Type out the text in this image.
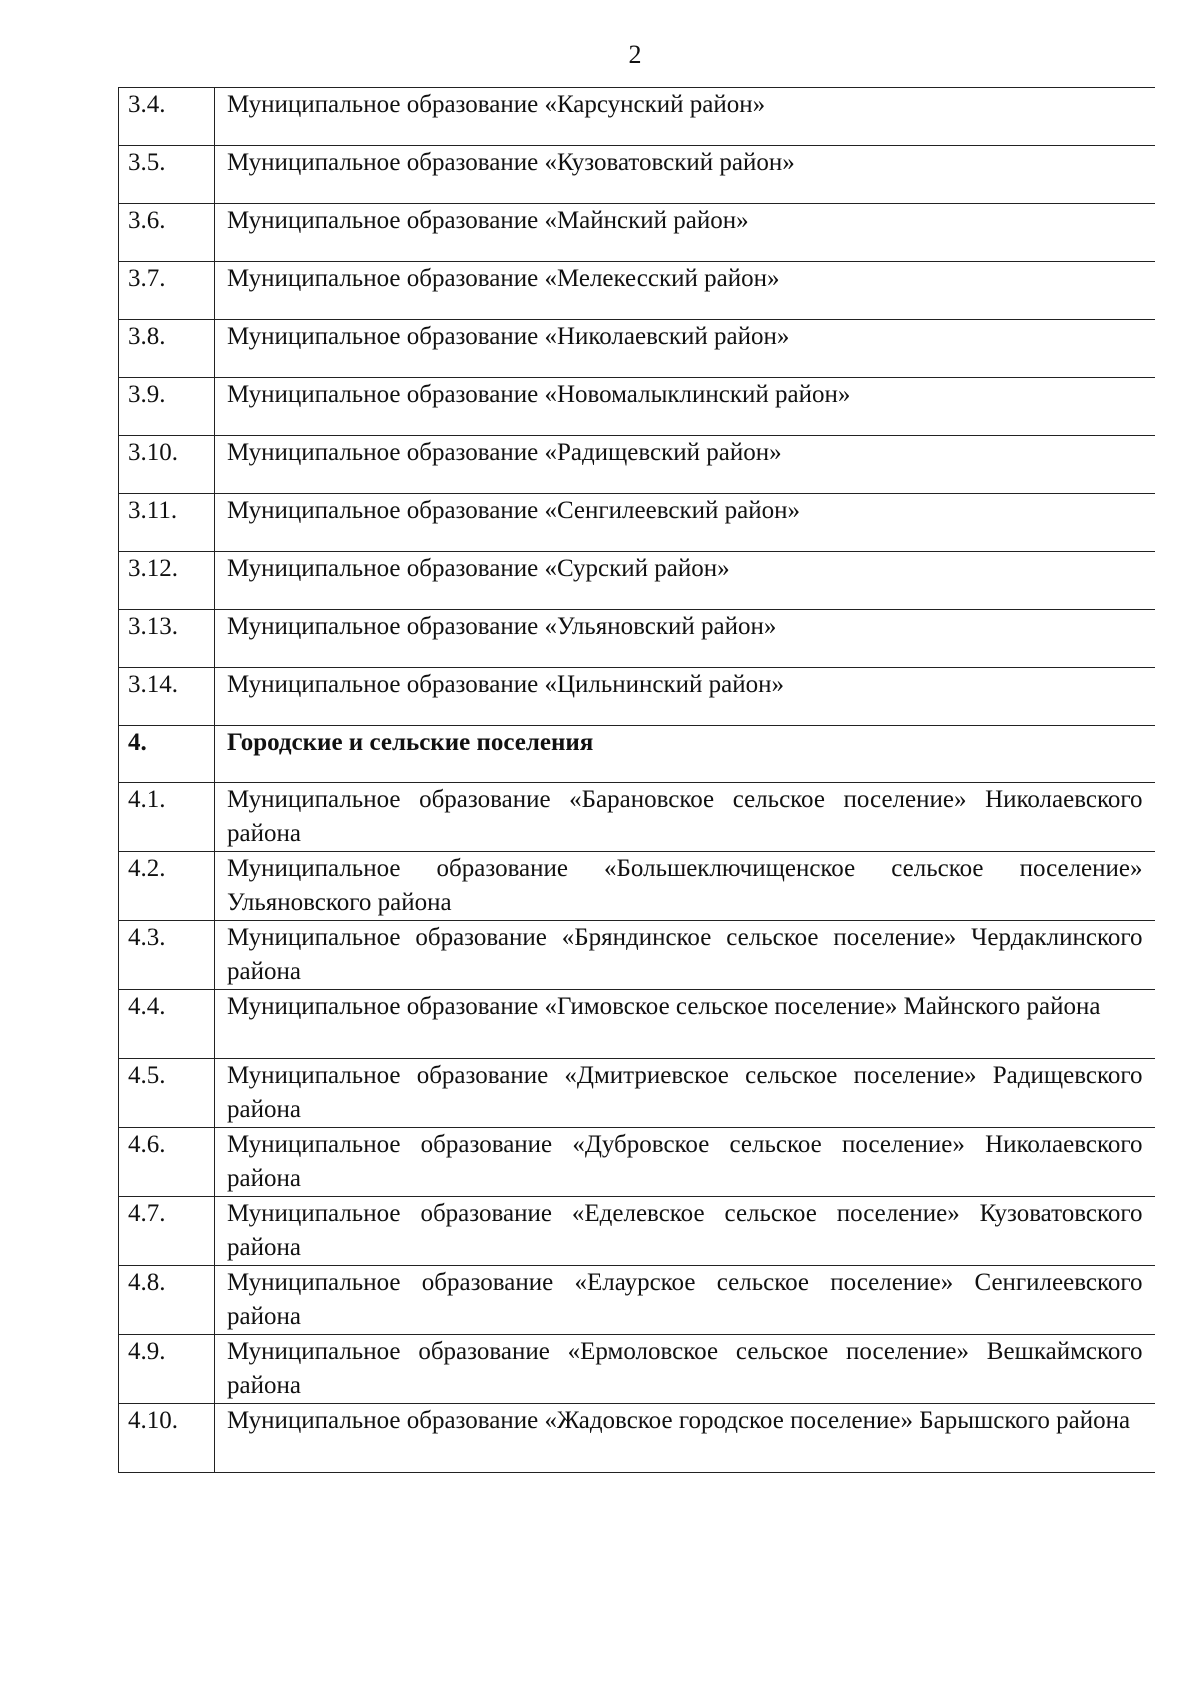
2
3.4.	Муниципальное образование «Карсунский район»
3.5.	Муниципальное образование «Кузоватовский район»
3.6.	Муниципальное образование «Майнский район»
3.7.	Муниципальное образование «Мелекесский район»
3.8.	Муниципальное образование «Николаевский район»
3.9.	Муниципальное образование «Новомалыклинский район»
3.10.	Муниципальное образование «Радищевский район»
3.11.	Муниципальное образование «Сенгилеевский район»
3.12.	Муниципальное образование «Сурский район»
3.13.	Муниципальное образование «Ульяновский район»
3.14.	Муниципальное образование «Цильнинский район»
4.	Городские и сельские поселения
4.1.	Муниципальное образование «Барановское сельское поселение» Николаевского района
4.2.	Муниципальное образование «Большеключищенское сельское поселение» Ульяновского района
4.3.	Муниципальное образование «Бряндинское сельское поселение» Чердаклинского района
4.4.	Муниципальное образование «Гимовское сельское поселение» Майнского района
4.5.	Муниципальное образование «Дмитриевское сельское поселение» Радищевского района
4.6.	Муниципальное образование «Дубровское сельское поселение» Николаевского района
4.7.	Муниципальное образование «Еделевское сельское поселение» Кузоватовского района
4.8.	Муниципальное образование «Елаурское сельское поселение» Сенгилеевского района
4.9.	Муниципальное образование «Ермоловское сельское поселение» Вешкаймского района
4.10.	Муниципальное образование «Жадовское городское поселение» Барышского района
